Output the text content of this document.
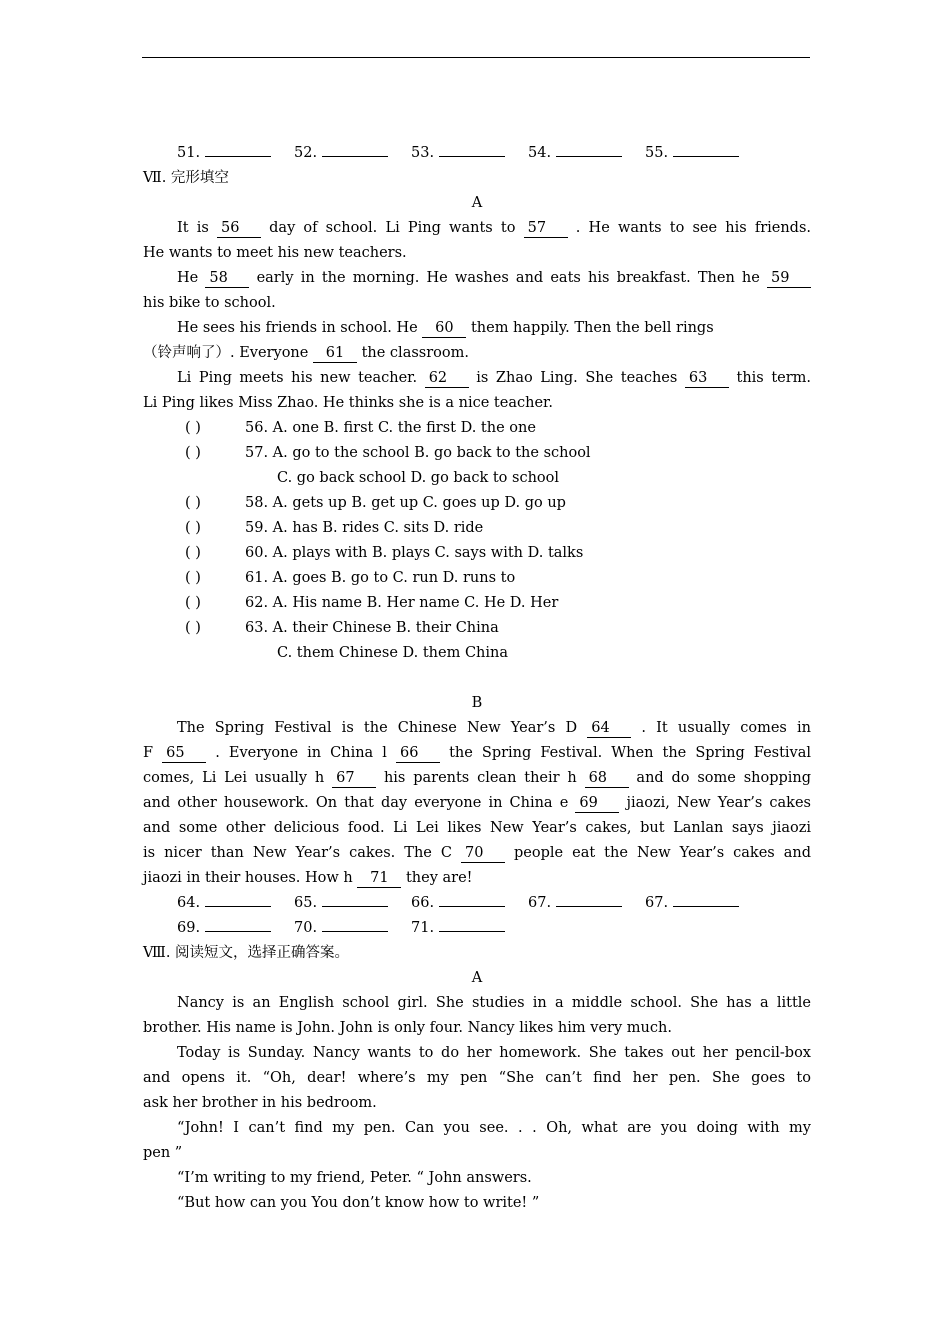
51.	52.	53.	54.	55.
Ⅶ. 完形填空
A
It is 56 day of school. Li Ping wants to 57 . He wants to see his friends.
He wants to meet his new teachers.
He 58 early in the morning. He washes and eats his breakfast. Then he 59
his bike to school.
He sees his friends in school. He 60 them happily. Then the bell rings
（铃声响了）. Everyone 61 the classroom.
Li Ping meets his new teacher. 62 is Zhao Ling. She teaches 63 this term.
Li Ping likes Miss Zhao. He thinks she is a nice teacher.
( )	56. A. one B. first C. the first D. the one
( )	57. A. go to the school B. go back to the school
C. go back school D. go back to school
( )	58. A. gets up B. get up C. goes up D. go up
( )	59. A. has B. rides C. sits D. ride
( )	60. A. plays with B. plays C. says with D. talks
( )	61. A. goes B. go to C. run D. runs to
( )	62. A. His name B. Her name C. He D. Her
( )	63. A. their Chinese B. their China
C. them Chinese D. them China
B
The Spring Festival is the Chinese New Year’s D 64 . It usually comes in
F 65 . Everyone in China l 66 the Spring Festival. When the Spring Festival
comes, Li Lei usually h 67 his parents clean their h 68 and do some shopping
and other housework. On that day everyone in China e 69 jiaozi, New Year’s cakes
and some other delicious food. Li Lei likes New Year’s cakes, but Lanlan says jiaozi
is nicer than New Year’s cakes. The C 70 people eat the New Year’s cakes and
jiaozi in their houses. How h 71 they are!
64.	65.	66.	67.	67.
69.	70.	71.
Ⅷ. 阅读短文，选择正确答案。
A
Nancy is an English school girl. She studies in a middle school. She has a little
brother. His name is John. John is only four. Nancy likes him very much.
Today is Sunday. Nancy wants to do her homework. She takes out her pencil-box
and opens it. “Oh, dear! where’s my pen “She can’t find her pen. She goes to
ask her brother in his bedroom.
“John! I can’t find my pen. Can you see. . . Oh, what are you doing with my
pen ”
“I’m writing to my friend, Peter. “ John answers.
“But how can you You don’t know how to write! ”
